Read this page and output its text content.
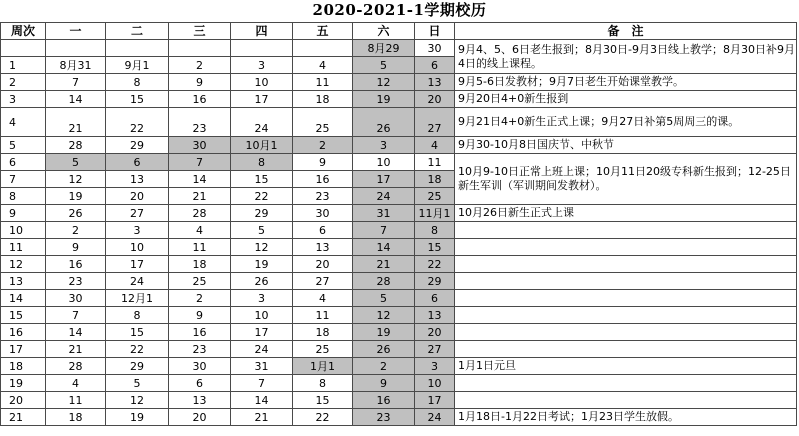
2020-2021-1学期校历
周次	一	二	三	四	五	六	日	备　注
						8月29	30	9月4、5、6日老生报到；8月30日-9月3日线上教学；8月30日补9月4日的线上课程。
1	8月31	9月1	2	3	4	5	6	
2	7	8	9	10	11	12	13	9月5-6日发教材；9月7日老生开始课堂教学。
3	14	15	16	17	18	19	20	9月20日4+0新生报到
4	21	22	23	24	25	26	27	9月21日4+0新生正式上课；9月27日补第5周周三的课。
5	28	29	30	10月1	2	3	4	9月30-10月8日国庆节、中秋节
6	5	6	7	8	9	10	11	10月9-10日正常上班上课；10月11日20级专科新生报到；12-25日新生军训（军训期间发教材）。
7	12	13	14	15	16	17	18	
8	19	20	21	22	23	24	25	
9	26	27	28	29	30	31	11月1	10月26日新生正式上课
10	2	3	4	5	6	7	8	
11	9	10	11	12	13	14	15	
12	16	17	18	19	20	21	22	
13	23	24	25	26	27	28	29	
14	30	12月1	2	3	4	5	6	
15	7	8	9	10	11	12	13	
16	14	15	16	17	18	19	20	
17	21	22	23	24	25	26	27	
18	28	29	30	31	1月1	2	3	1月1日元旦
19	4	5	6	7	8	9	10	
20	11	12	13	14	15	16	17	
21	18	19	20	21	22	23	24	1月18日-1月22日考试；1月23日学生放假。
